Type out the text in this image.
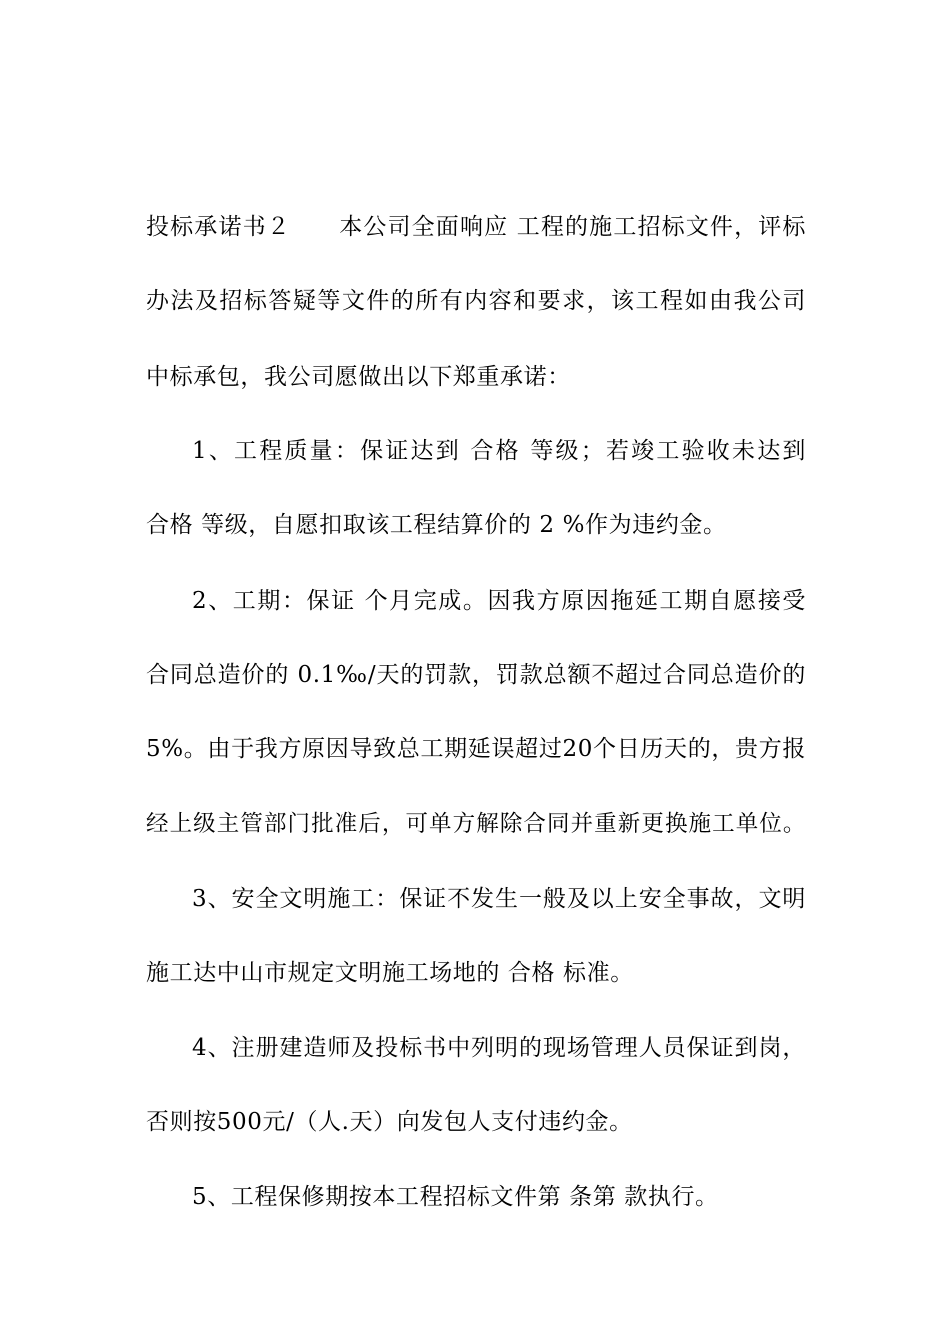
投标承诺书２　　本公司全面响应 工程的施工招标文件，评标
办法及招标答疑等文件的所有内容和要求，该工程如由我公司
中标承包，我公司愿做出以下郑重承诺：
1、工程质量：保证达到 合格 等级；若竣工验收未达到
合格 等级，自愿扣取该工程结算价的 2 %作为违约金。
2、工期：保证 个月完成。因我方原因拖延工期自愿接受
合同总造价的 0.1‰/天的罚款，罚款总额不超过合同总造价的
5%。由于我方原因导致总工期延误超过20个日历天的，贵方报
经上级主管部门批准后，可单方解除合同并重新更换施工单位。
3、安全文明施工：保证不发生一般及以上安全事故，文明
施工达中山市规定文明施工场地的 合格 标准。
4、注册建造师及投标书中列明的现场管理人员保证到岗，
否则按500元/（人.天）向发包人支付违约金。
5、工程保修期按本工程招标文件第 条第 款执行。
